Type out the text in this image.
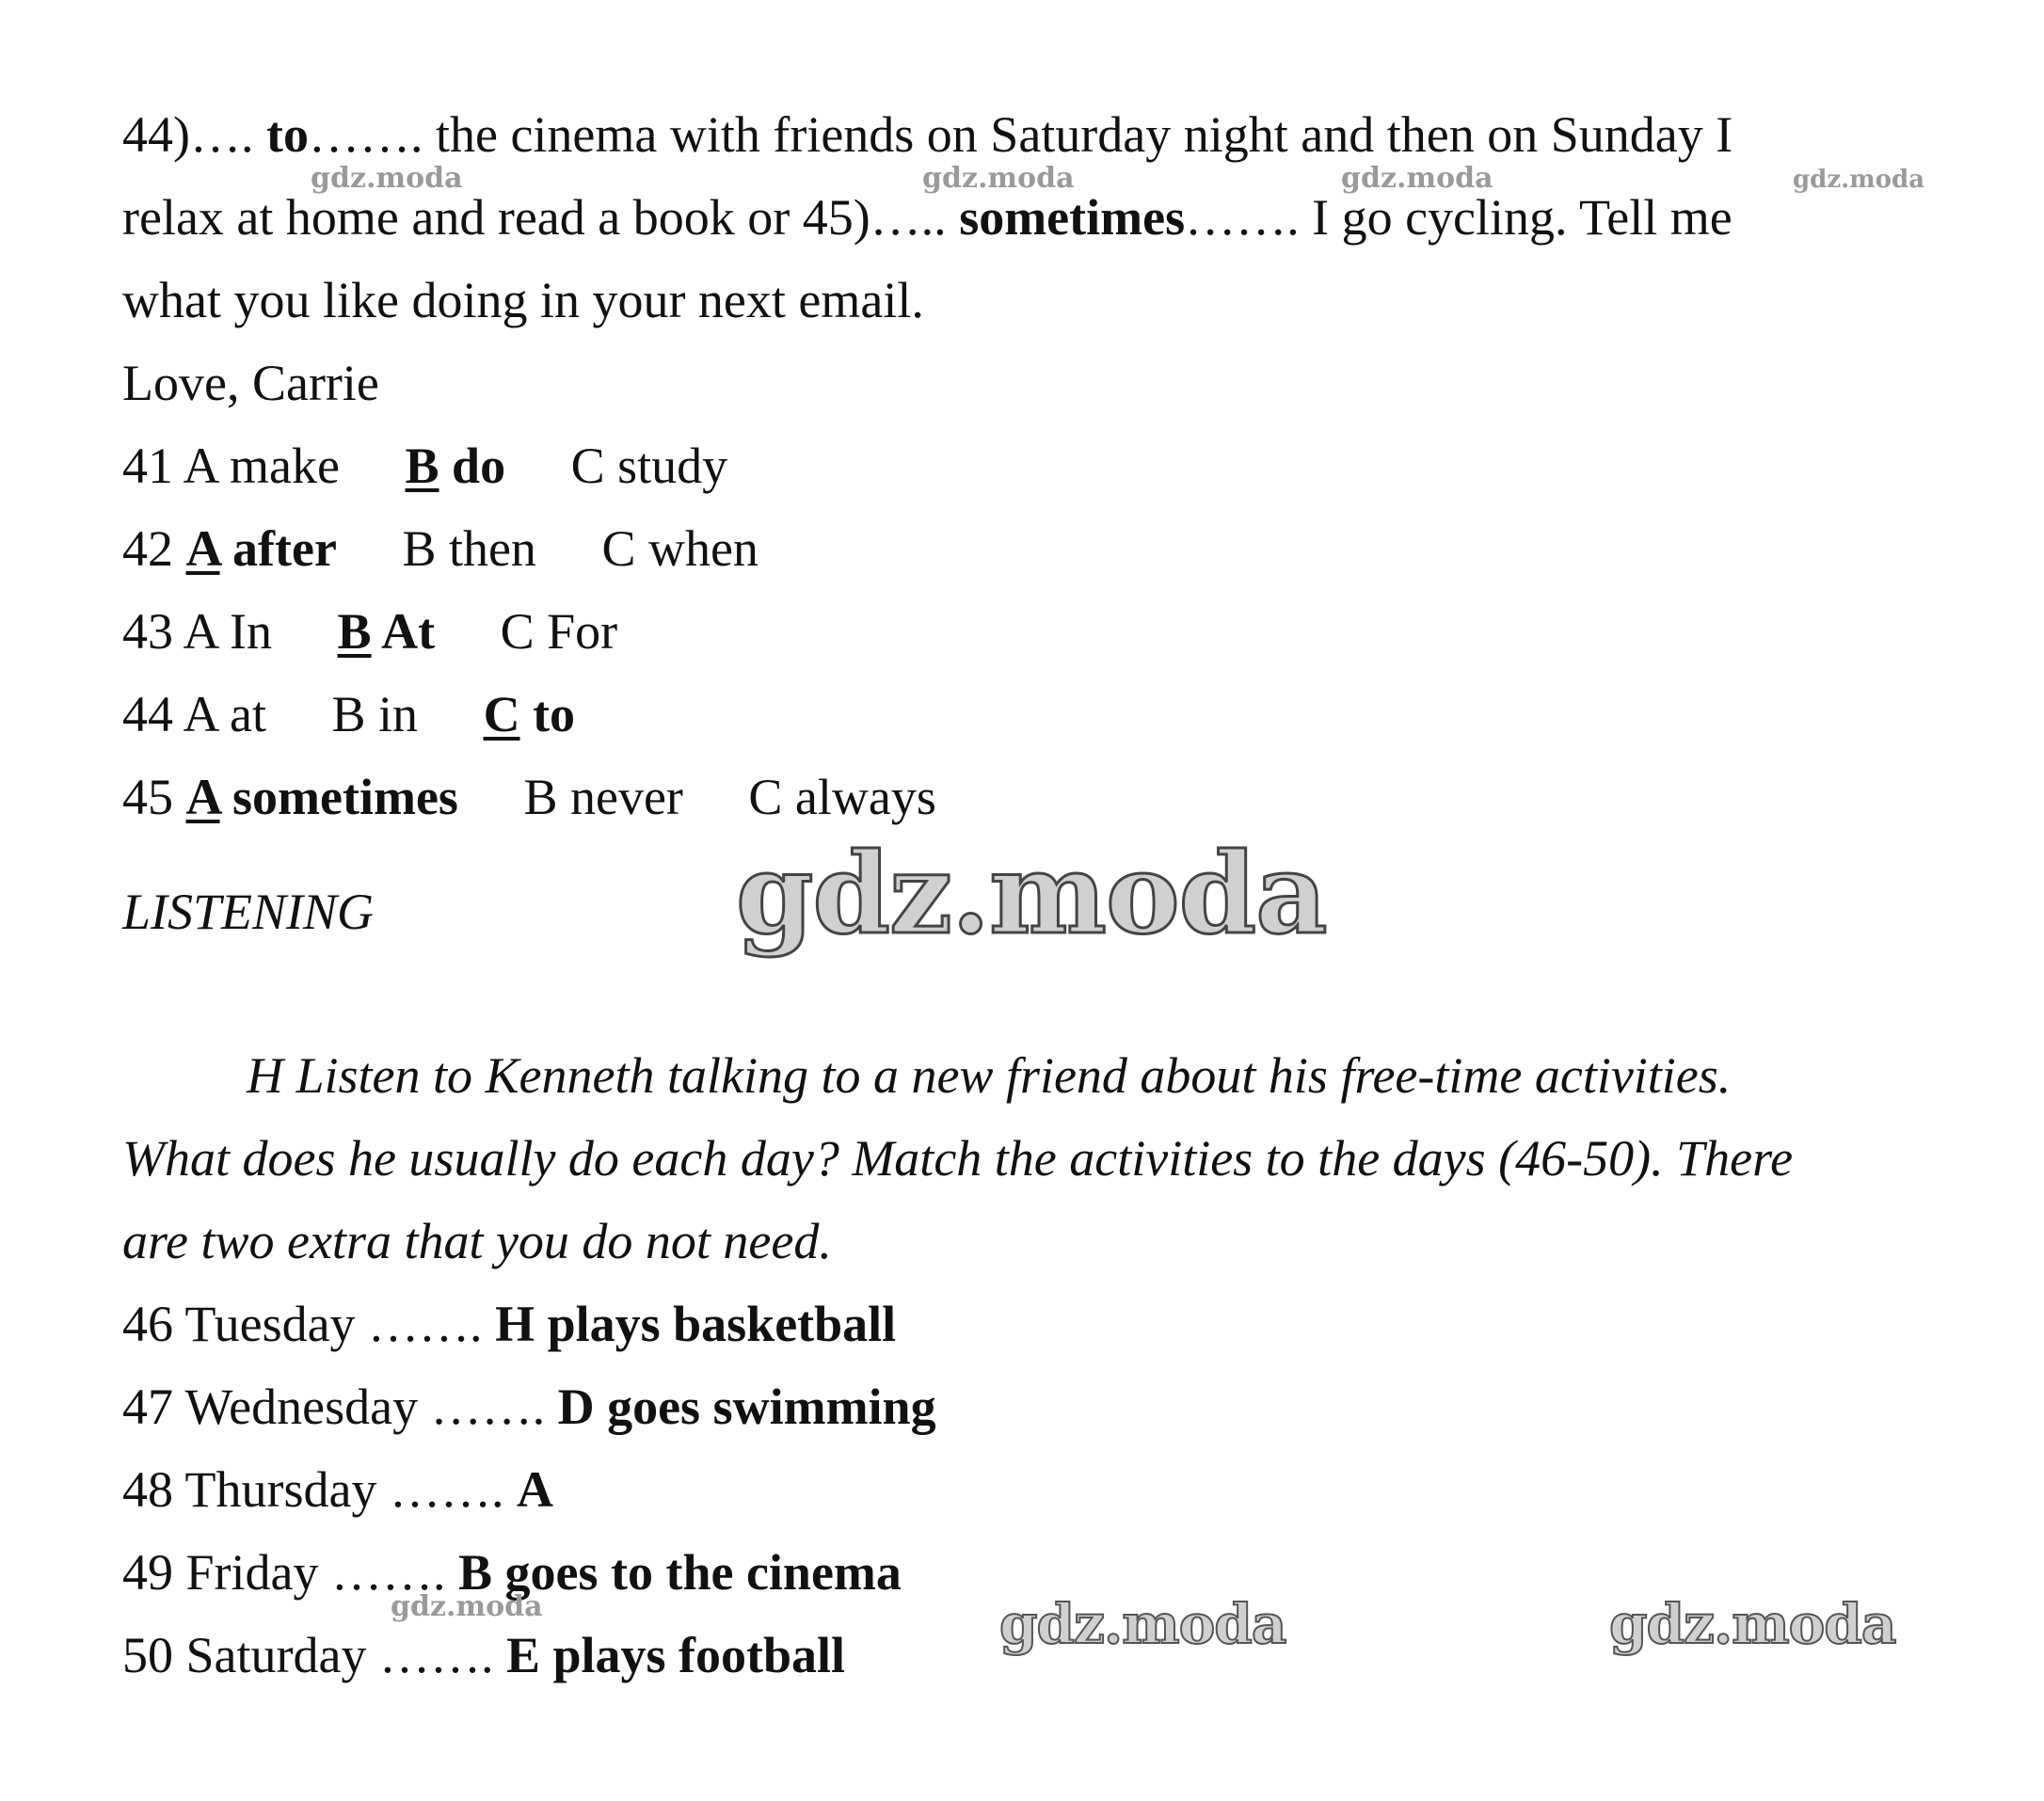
44)…. to……. the cinema with friends on Saturday night and then on Sunday I
relax at home and read a book or 45)….. sometimes……. I go cycling. Tell me
what you like doing in your next email.
Love, Carrie
41 A make B do C study
42 A after B then C when
43 A In B At C For
44 A at B in C to
45 A sometimes B never C always
LISTENING
H Listen to Kenneth talking to a new friend about his free-time activities.
What does he usually do each day? Match the activities to the days (46-50). There
are two extra that you do not need.
46 Tuesday ……. H plays basketball
47 Wednesday ……. D goes swimming
48 Thursday ……. A
49 Friday ……. B goes to the cinema
50 Saturday ……. E plays football
gdz.moda	gdz.moda	gdz.moda	gdz.moda
gdz.moda
gdz.moda	gdz.moda	gdz.moda
